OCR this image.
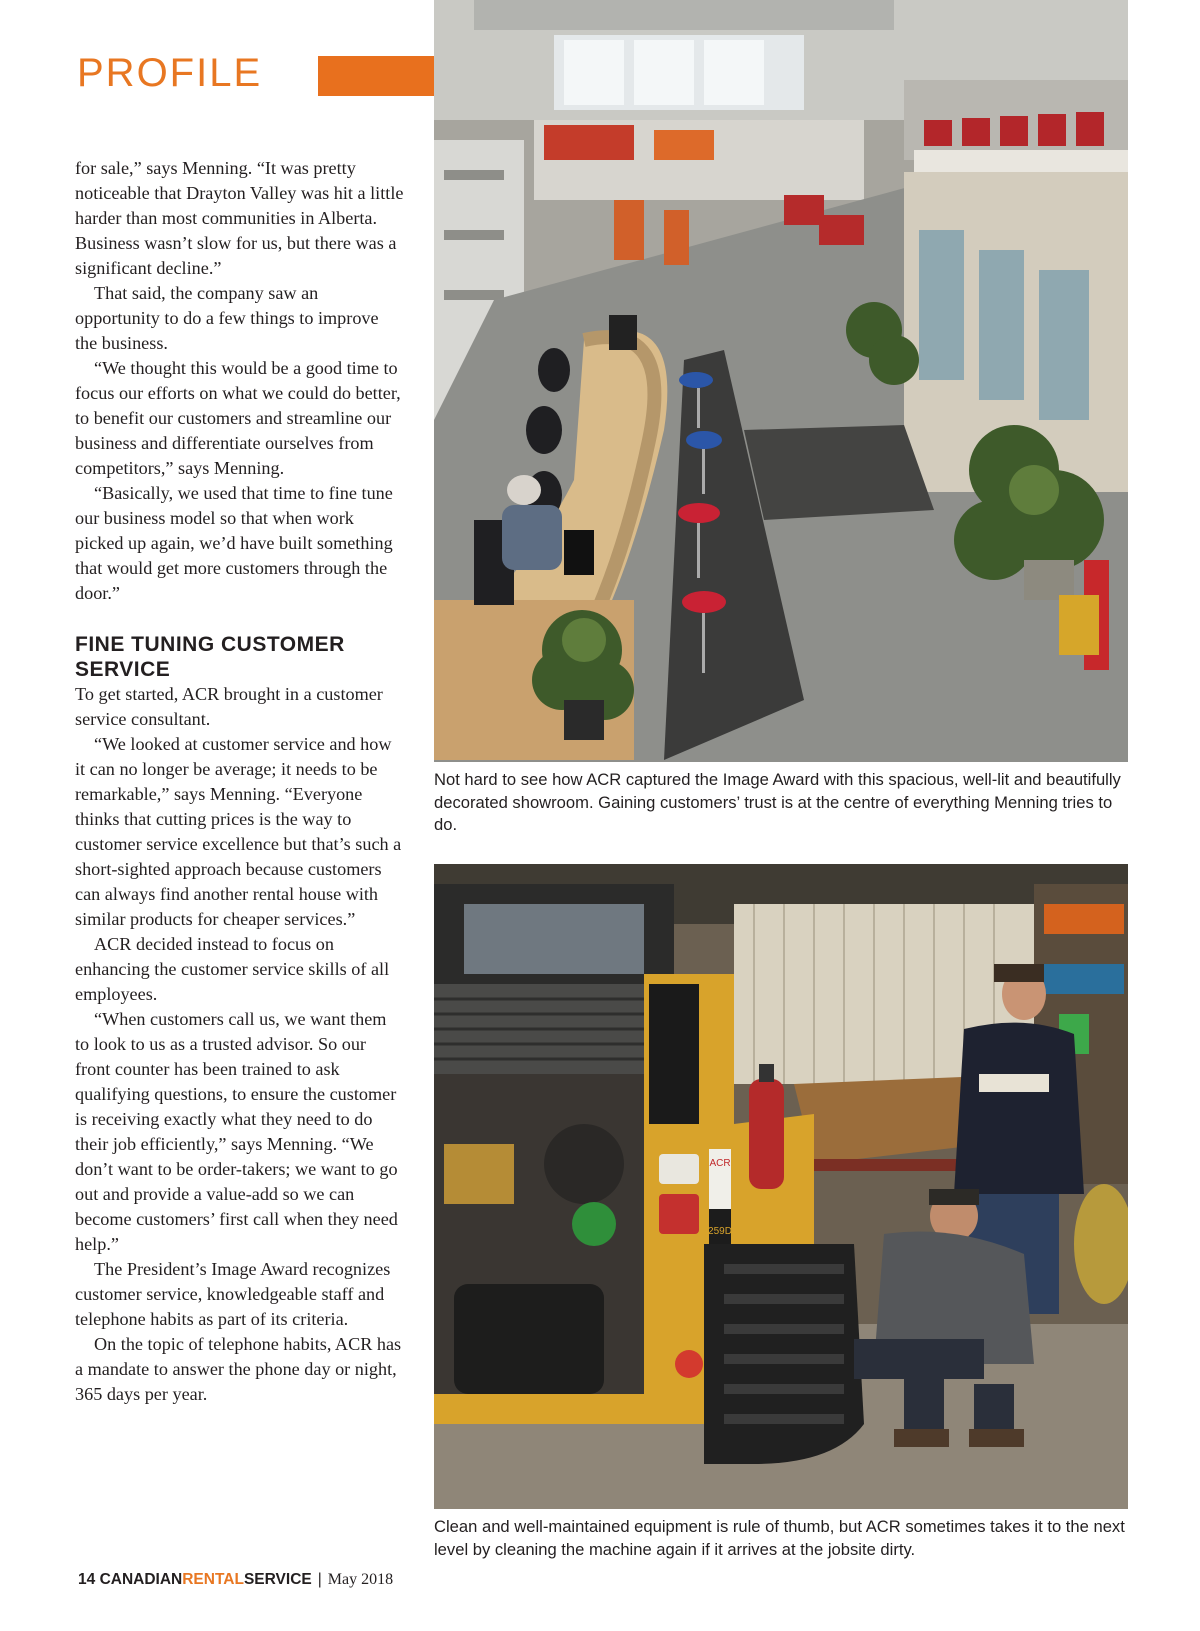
PROFILE

for sale,” says Menning. “It was pretty noticeable that Drayton Valley was hit a little harder than most communities in Alberta. Business wasn’t slow for us, but there was a significant decline.”

That said, the company saw an opportunity to do a few things to improve the business.

“We thought this would be a good time to focus our efforts on what we could do better, to benefit our customers and streamline our business and differentiate ourselves from competitors,” says Menning.

“Basically, we used that time to fine tune our business model so that when work picked up again, we’d have built something that would get more customers through the door.”

FINE TUNING CUSTOMER SERVICE

To get started, ACR brought in a customer service consultant.

“We looked at customer service and how it can no longer be average; it needs to be remarkable,” says Menning. “Everyone thinks that cutting prices is the way to customer service excellence but that’s such a short-sighted approach because customers can always find another rental house with similar products for cheaper services.”

ACR decided instead to focus on enhancing the customer service skills of all employees.

“When customers call us, we want them to look to us as a trusted advisor. So our front counter has been trained to ask qualifying questions, to ensure the customer is receiving exactly what they need to do their job efficiently,” says Menning. “We don’t want to be order-takers; we want to go out and provide a value-add so we can become customers’ first call when they need help.”

The President’s Image Award recognizes customer service, knowledgeable staff and telephone habits as part of its criteria.

On the topic of telephone habits, ACR has a mandate to answer the phone day or night, 365 days per year.

Not hard to see how ACR captured the Image Award with this spacious, well-lit and beautifully decorated showroom. Gaining customers’ trust is at the centre of everything Menning tries to do.
ACR
259D
Clean and well-maintained equipment is rule of thumb, but ACR sometimes takes it to the next level by cleaning the machine again if it arrives at the jobsite dirty.
14 CANADIANRENTALSERVICE | May 2018
